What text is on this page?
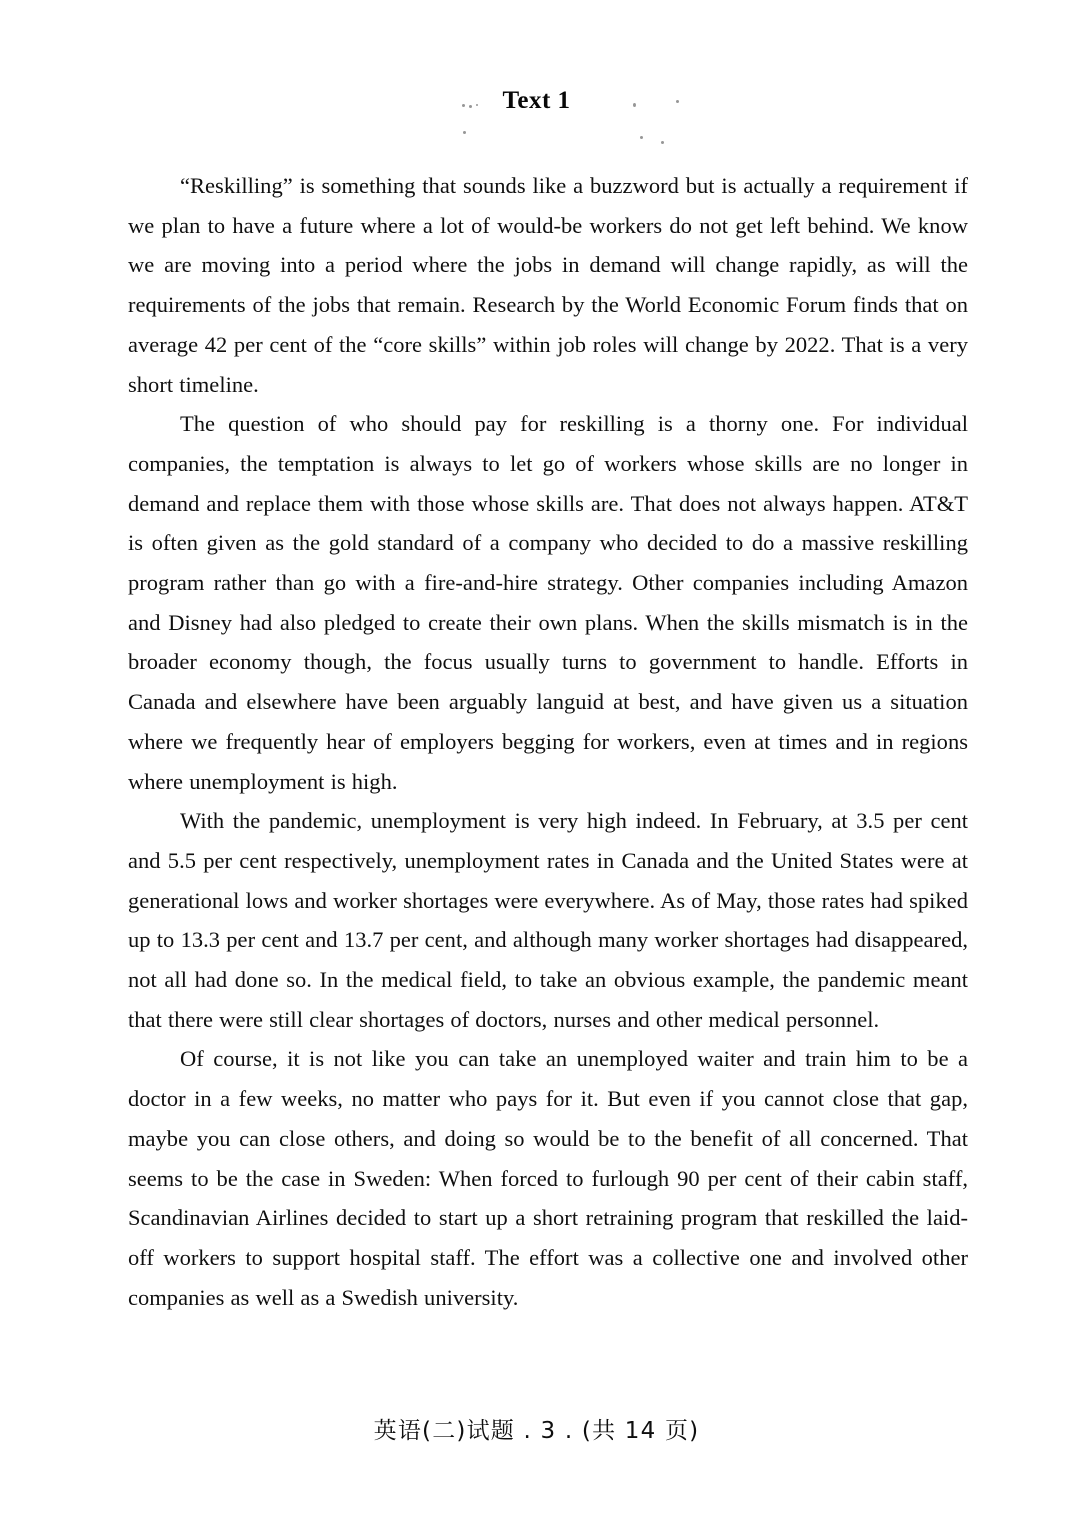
Text 1

“Reskilling” is something that sounds like a buzzword but is actually a requirement if we plan to have a future where a lot of would-be workers do not get left behind. We know we are moving into a period where the jobs in demand will change rapidly, as will the requirements of the jobs that remain. Research by the World Economic Forum finds that on average 42 per cent of the “core skills” within job roles will change by 2022. That is a very short timeline.

The question of who should pay for reskilling is a thorny one. For individual companies, the temptation is always to let go of workers whose skills are no longer in demand and replace them with those whose skills are. That does not always happen. AT&T is often given as the gold standard of a company who decided to do a massive reskilling program rather than go with a fire-and-hire strategy. Other companies including Amazon and Disney had also pledged to create their own plans. When the skills mismatch is in the broader economy though, the focus usually turns to government to handle. Efforts in Canada and elsewhere have been arguably languid at best, and have given us a situation where we frequently hear of employers begging for workers, even at times and in regions where unemployment is high.

With the pandemic, unemployment is very high indeed. In February, at 3.5 per cent and 5.5 per cent respectively, unemployment rates in Canada and the United States were at generational lows and worker shortages were everywhere. As of May, those rates had spiked up to 13.3 per cent and 13.7 per cent, and although many worker shortages had disappeared, not all had done so. In the medical field, to take an obvious example, the pandemic meant that there were still clear shortages of doctors, nurses and other medical personnel.

Of course, it is not like you can take an unemployed waiter and train him to be a doctor in a few weeks, no matter who pays for it. But even if you cannot close that gap, maybe you can close others, and doing so would be to the benefit of all concerned. That seems to be the case in Sweden: When forced to furlough 90 per cent of their cabin staff, Scandinavian Airlines decided to start up a short retraining program that reskilled the laid-off workers to support hospital staff. The effort was a collective one and involved other companies as well as a Swedish university.

英语(二)试题 . 3 . (共 14 页)
